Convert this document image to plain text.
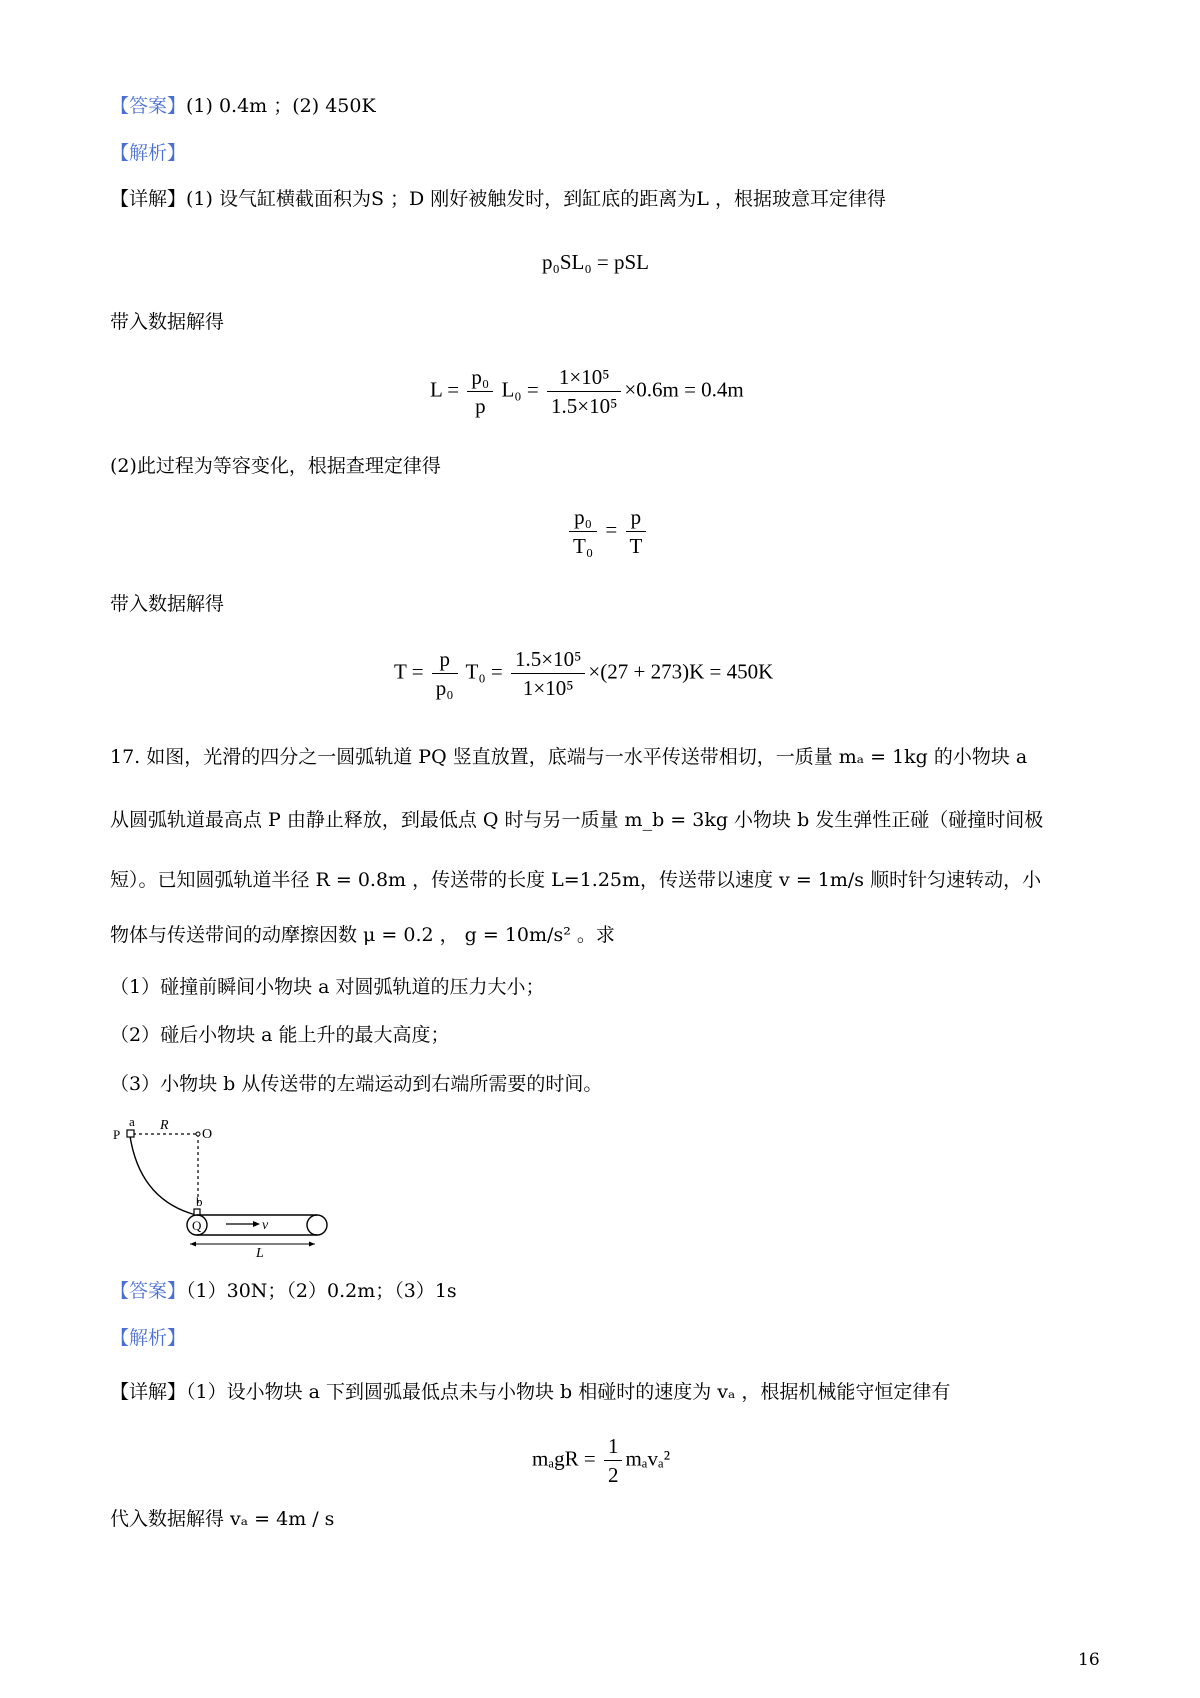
【答案】(1) 0.4m ；(2) 450K
【解析】
【详解】(1) 设气缸横截面积为S ；D 刚好被触发时，到缸底的距离为L ，根据玻意耳定律得
p₀SL₀ = pSL
带入数据解得
$L = \frac{\text{p₀}}{p} L_0 = \frac{\text{1×10⁵}}{\text{1.5×10⁵}} \times 0.6m = 0.4m$
(2)此过程为等容变化，根据查理定律得
$\frac{\text{p₀}}{\text{T₀}} = \frac{p}{T}$
带入数据解得
$T = \frac{p}{\text{p₀}} T_0 = \frac{\text{1.5×10⁵}}{\text{1×10⁵}} \times(27 + 273)K = 450K$
17. 如图，光滑的四分之一圆弧轨道 PQ 竖直放置，底端与一水平传送带相切，一质量 mₐ = 1kg 的小物块 a
从圆弧轨道最高点 P 由静止释放，到最低点 Q 时与另一质量 m_b = 3kg 小物块 b 发生弹性正碰（碰撞时间极
短）。已知圆弧轨道半径 R = 0.8m ，传送带的长度 L=1.25m，传送带以速度 v = 1m/s 顺时针匀速转动，小
物体与传送带间的动摩擦因数 μ = 0.2 ， g = 10m/s² 。求
（1）碰撞前瞬间小物块 a 对圆弧轨道的压力大小；
（2）碰后小物块 a 能上升的最大高度；
（3）小物块 b 从传送带的左端运动到右端所需要的时间。
P
a R
O
b
Q	v
L
【答案】（1）30N；（2）0.2m；（3）1s
【解析】
【详解】（1）设小物块 a 下到圆弧最低点未与小物块 b 相碰时的速度为 vₐ ，根据机械能守恒定律有
$m_agR = \frac{1}{2} m_av_a^2$
代入数据解得 vₐ = 4m / s
16
